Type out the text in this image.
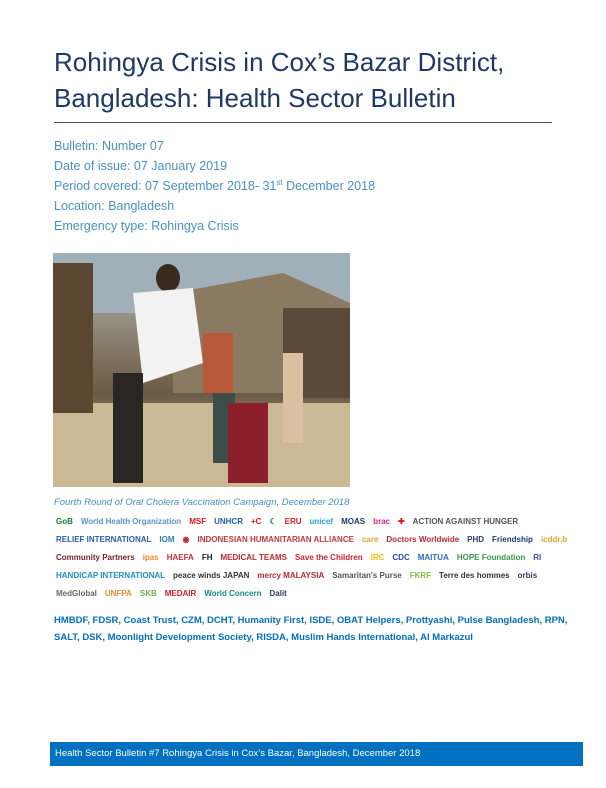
Rohingya Crisis in Cox’s Bazar District, Bangladesh: Health Sector Bulletin
Bulletin: Number 07
Date of issue: 07 January 2019
Period covered: 07 September 2018- 31st December 2018
Location: Bangladesh
Emergency type: Rohingya Crisis
Fourth Round of Oral Cholera Vaccination Campaign, December 2018
GoB World Health Organization MSF UNHCR +C ☾ ERU unicef MOAS brac ✚ ACTION AGAINST HUNGER
RELIEF INTERNATIONAL IOM ◉ INDONESIAN HUMANITARIAN ALLIANCE care Doctors Worldwide PHD Friendship icddr,b
Community Partners ipas HAEFA FH MEDICAL TEAMS Save the Children IRC CDC MAITUA HOPE Foundation RI
HANDICAP INTERNATIONAL peace winds JAPAN mercy MALAYSIA Samaritan's Purse FKRF Terre des hommes orbis
MedGlobal UNFPA SKB MEDAIR World Concern Dalit
HMBDF, FDSR, Coast Trust, CZM, DCHT, Humanity First, ISDE, OBAT Helpers, Prottyashi, Pulse Bangladesh, RPN, SALT, DSK, Moonlight Development Society, RISDA, Muslim Hands International, Al Markazul
Health Sector Bulletin #7 Rohingya Crisis in Cox’s Bazar, Bangladesh, December 2018
